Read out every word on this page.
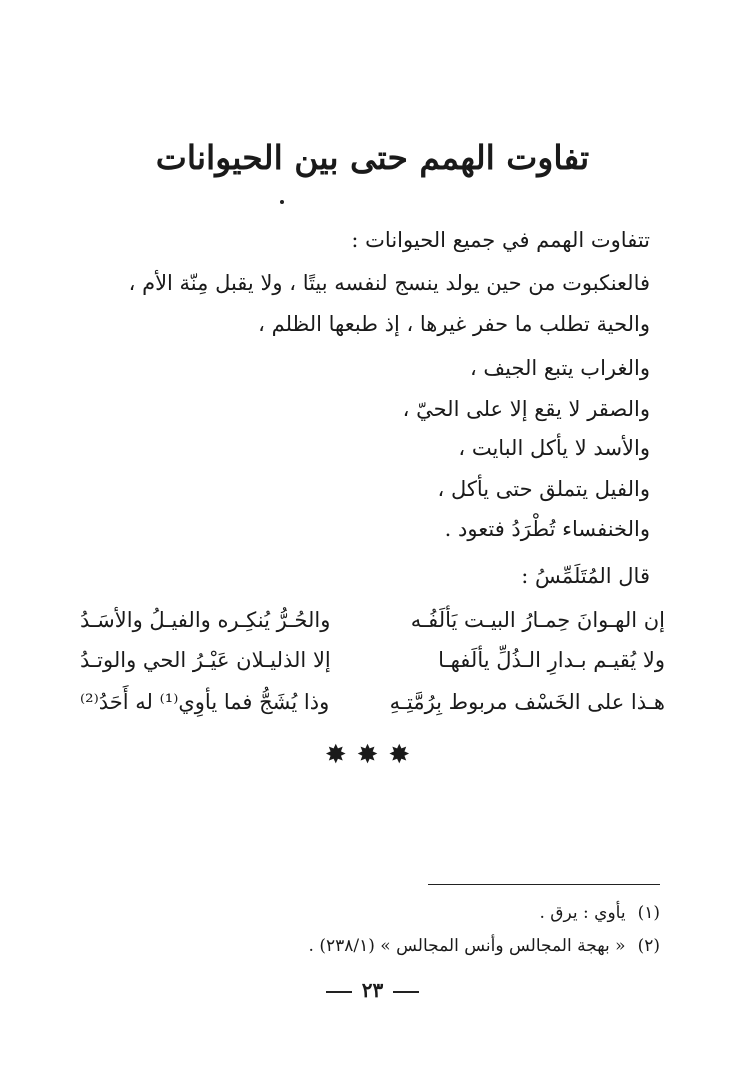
تفاوت الهمم حتى بين الحيوانات
تتفاوت الهمم في جميع الحيوانات :
فالعنكبوت من حين يولد ينسج لنفسه بيتًا ، ولا يقبل مِنّة الأم ،
والحية تطلب ما حفر غيرها ، إذ طبعها الظلم ،
والغراب يتبع الجيف ،
والصقر لا يقع إلا على الحيّ ،
والأسد لا يأكل البايت ،
والفيل يتملق حتى يأكل ،
والخنفساء تُطْرَدُ فتعود .
قال المُتَلَمِّسُ :
إن الهـوانَ حِمـارُ البيـت يَألَفُـه
والحُـرُّ يُنكِـره والفيـلُ والأسَـدُ
ولا يُقيـم بـدارِ الـذُلِّ يألَفهـا
إلا الذليـلان عَيْـرُ الحي والوتـدُ
هـذا على الخَسْف مربوط بِرُمَّتِـهِ
وذا يُشَجُّ فما يأوِي⁽¹⁾ له أَحَدُ⁽²⁾
✸✸✸
(١)يأوي : يرق .
(٢)« بهجة المجالس وأنس المجالس » (٢٣٨/١) .
٢٣
